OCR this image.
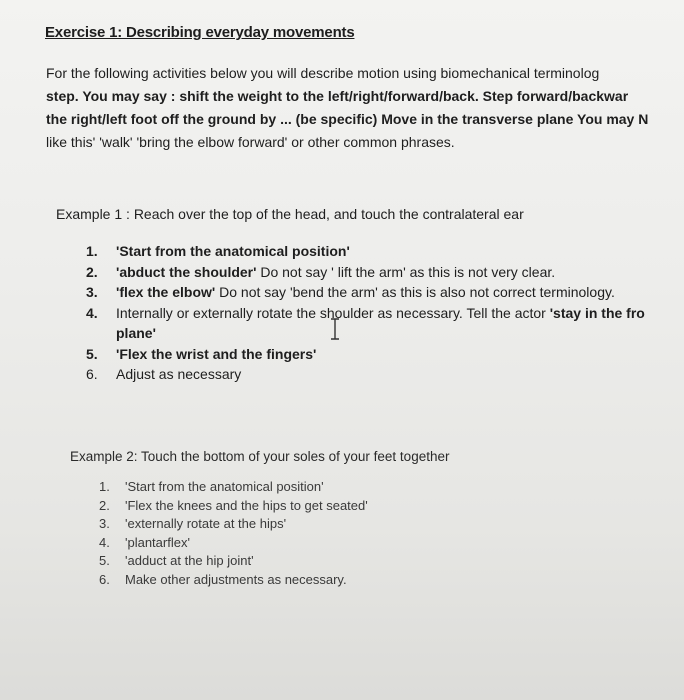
Exercise 1: Describing everyday movements
For the following activities below you will describe motion using biomechanical terminolog
step. You may say : shift the weight to the left/right/forward/back. Step forward/backwar
the right/left foot off the ground by ... (be specific) Move in the transverse plane You may N
like this' 'walk' 'bring the elbow forward' or other common phrases.
Example 1 : Reach over the top of the head, and touch the contralateral ear
1. 'Start from the anatomical position'
2. 'abduct the shoulder' Do not say ' lift the arm' as this is not very clear.
3. 'flex the elbow' Do not say 'bend the arm' as this is also not correct terminology.
4. Internally or externally rotate the shoulder as necessary. Tell the actor 'stay in the fro
plane'
5. 'Flex the wrist and the fingers'
6. Adjust as necessary
Example 2: Touch the bottom of your soles of your feet together
1. 'Start from the anatomical position'
2. 'Flex the knees and the hips to get seated'
3. 'externally rotate at the hips'
4. 'plantarflex'
5. 'adduct at the hip joint'
6. Make other adjustments as necessary.
